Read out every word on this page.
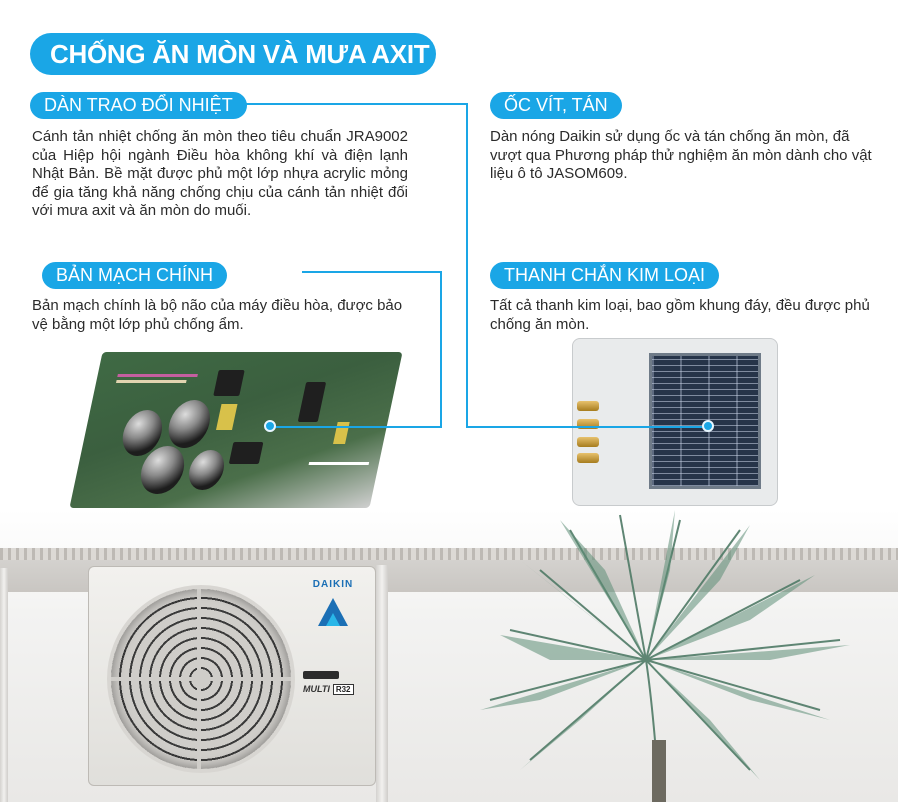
CHỐNG ĂN MÒN VÀ MƯA AXIT
DÀN TRAO ĐỔI NHIỆT
Cánh tản nhiệt chống ăn mòn theo tiêu chuẩn JRA9002 của Hiệp hội ngành Điều hòa không khí và điện lạnh Nhật Bản. Bề mặt được phủ một lớp nhựa acrylic mỏng để gia tăng khả năng chống chịu của cánh tản nhiệt đối với mưa axit và ăn mòn do muối.
ỐC VÍT, TÁN
Dàn nóng Daikin sử dụng ốc và tán chống ăn mòn, đã vượt qua Phương pháp thử nghiệm ăn mòn dành cho vật liệu ô tô JASOM609.
BẢN MẠCH CHÍNH
Bản mạch chính là bộ não của máy điều hòa, được bảo vệ bằng một lớp phủ chống ẩm.
THANH CHẮN KIM LOẠI
Tất cả thanh kim loại, bao gồm khung đáy, đều được phủ chống ăn mòn.
DAIKIN
MULTI R32
